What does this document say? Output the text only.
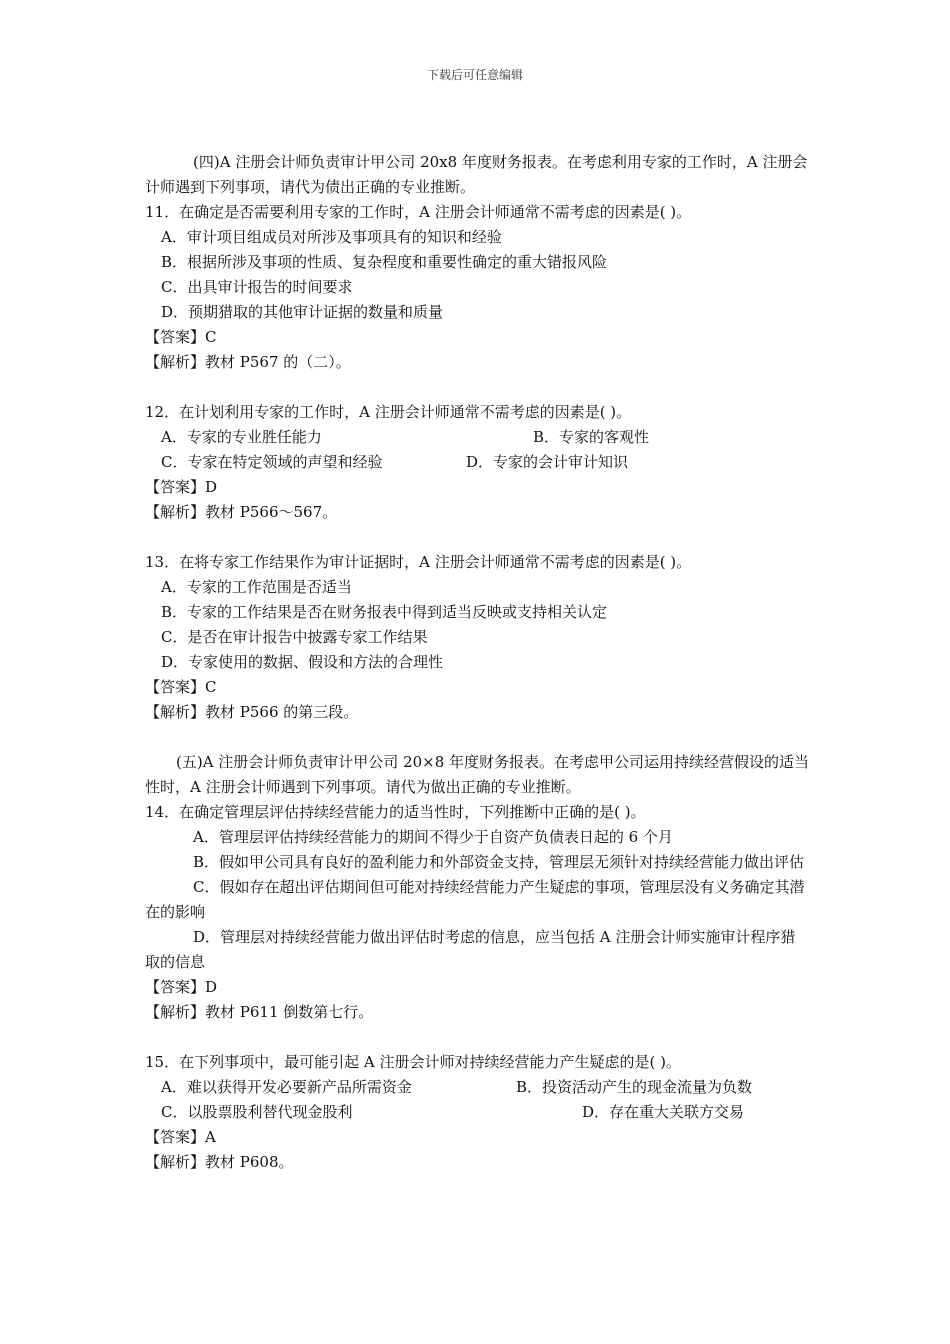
下载后可任意编辑
(四)A 注册会计师负责审计甲公司 20x8 年度财务报表。在考虑利用专家的工作时，A 注册会计师遇到下列事项，请代为债出正确的专业推断。
11．在确定是否需要利用专家的工作时，A 注册会计师通常不需考虑的因素是( )。
A．审计项目组成员对所涉及事项具有的知识和经验
B．根据所涉及事项的性质、复杂程度和重要性确定的重大错报风险
C．出具审计报告的时间要求
D．预期猎取的其他审计证据的数量和质量
【答案】C
【解析】教材 P567 的（二）。
12．在计划利用专家的工作时，A 注册会计师通常不需考虑的因素是( )。
A．专家的专业胜任能力	B．专家的客观性
C．专家在特定领域的声望和经验	D．专家的会计审计知识
【答案】D
【解析】教材 P566～567。
13．在将专家工作结果作为审计证据时，A 注册会计师通常不需考虑的因素是( )。
A．专家的工作范围是否适当
B．专家的工作结果是否在财务报表中得到适当反映或支持相关认定
C．是否在审计报告中披露专家工作结果
D．专家使用的数据、假设和方法的合理性
【答案】C
【解析】教材 P566 的第三段。
(五)A 注册会计师负责审计甲公司 20×8 年度财务报表。在考虑甲公司运用持续经营假设的适当性时，A 注册会计师遇到下列事项。请代为做出正确的专业推断。
14．在确定管理层评估持续经营能力的适当性时，下列推断中正确的是( )。
A．管理层评估持续经营能力的期间不得少于自资产负债表日起的 6 个月
B．假如甲公司具有良好的盈利能力和外部资金支持，管理层无须针对持续经营能力做出评估
C．假如存在超出评估期间但可能对持续经营能力产生疑虑的事项，管理层没有义务确定其潜在的影响
D．管理层对持续经营能力做出评估时考虑的信息，应当包括 A 注册会计师实施审计程序猎取的信息
【答案】D
【解析】教材 P611 倒数第七行。
15．在下列事项中，最可能引起 A 注册会计师对持续经营能力产生疑虑的是( )。
A．难以获得开发必要新产品所需资金	B．投资活动产生的现金流量为负数
C．以股票股利替代现金股利	D．存在重大关联方交易
【答案】A
【解析】教材 P608。
